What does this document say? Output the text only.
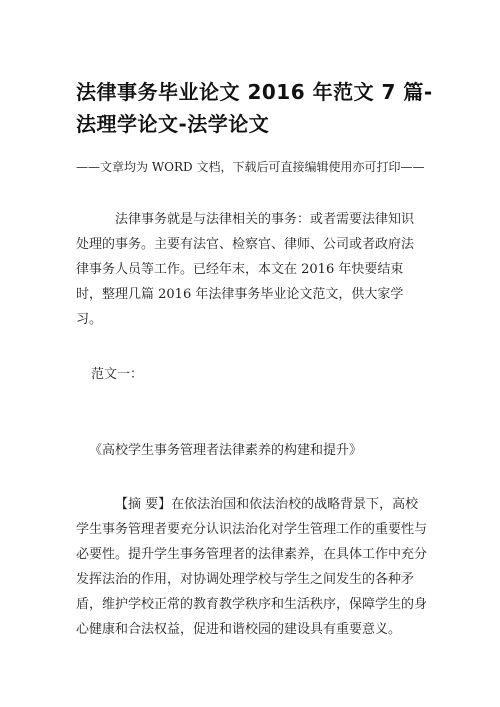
法律事务毕业论文 2016 年范文 7 篇-法理学论文-法学论文
——文章均为 WORD 文档，下载后可直接编辑使用亦可打印——
法律事务就是与法律相关的事务：或者需要法律知识处理的事务。主要有法官、检察官、律师、公司或者政府法律事务人员等工作。已经年末，本文在 2016 年快要结束时，整理几篇 2016 年法律事务毕业论文范文，供大家学习。
范文一：
《高校学生事务管理者法律素养的构建和提升》
【摘 要】在依法治国和依法治校的战略背景下，高校学生事务管理者要充分认识法治化对学生管理工作的重要性与必要性。提升学生事务管理者的法律素养，在具体工作中充分发挥法治的作用，对协调处理学校与学生之间发生的各种矛盾，维护学校正常的教育教学秩序和生活秩序，保障学生的身心健康和合法权益，促进和谐校园的建设具有重要意义。
